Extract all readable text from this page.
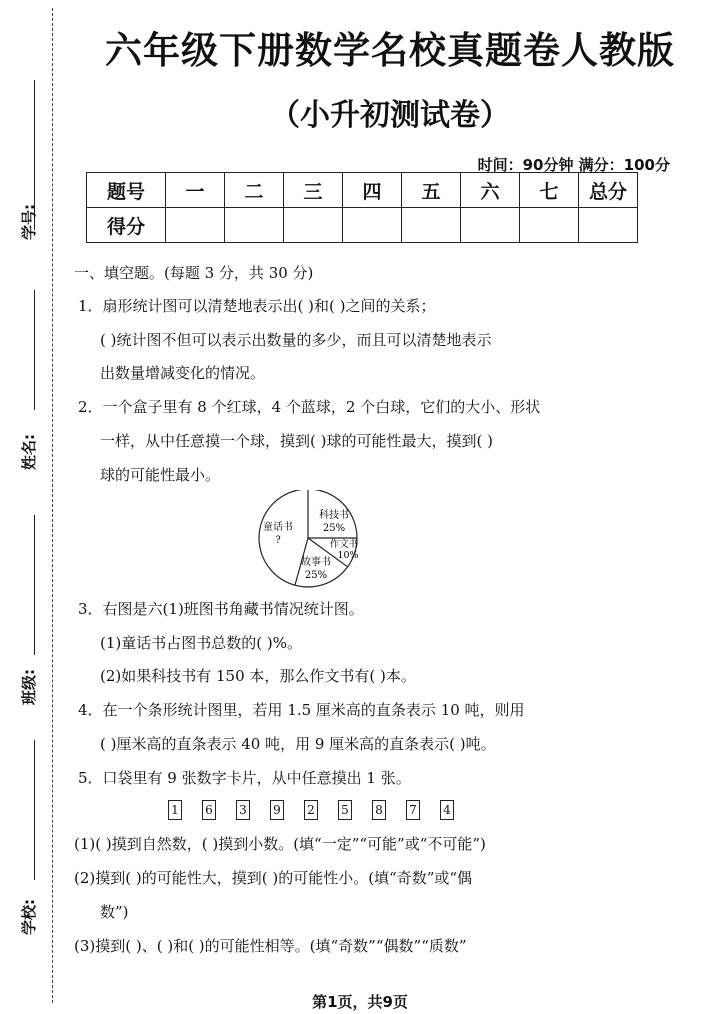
学号:
姓名:
班级:
学校:
六年级下册数学名校真题卷人教版
（小升初测试卷）
时间：90分钟 满分：100分
题号	一	二	三	四	五	六	七	总分
得分								
一、填空题。(每题 3 分，共 30 分)
1．扇形统计图可以清楚地表示出( )和( )之间的关系；
( )统计图不但可以表示出数量的多少，而且可以清楚地表示
出数量增减变化的情况。
2．一个盒子里有 8 个红球，4 个蓝球，2 个白球，它们的大小、形状
一样，从中任意摸一个球，摸到( )球的可能性最大，摸到( )
球的可能性最小。
童话书
?
科技书
25%
作文书
10%
故事书
25%
3．右图是六(1)班图书角藏书情况统计图。
(1)童话书占图书总数的( )%。
(2)如果科技书有 150 本，那么作文书有( )本。
4．在一个条形统计图里，若用 1.5 厘米高的直条表示 10 吨，则用
( )厘米高的直条表示 40 吨，用 9 厘米高的直条表示( )吨。
5．口袋里有 9 张数字卡片，从中任意摸出 1 张。
1 6 3 9 2 5 8 7 4
(1)( )摸到自然数，( )摸到小数。(填“一定”“可能”或“不可能”)
(2)摸到( )的可能性大，摸到( )的可能性小。(填“奇数”或“偶
数”)
(3)摸到( )、( )和( )的可能性相等。(填“奇数”“偶数”“质数”
第1页，共9页
